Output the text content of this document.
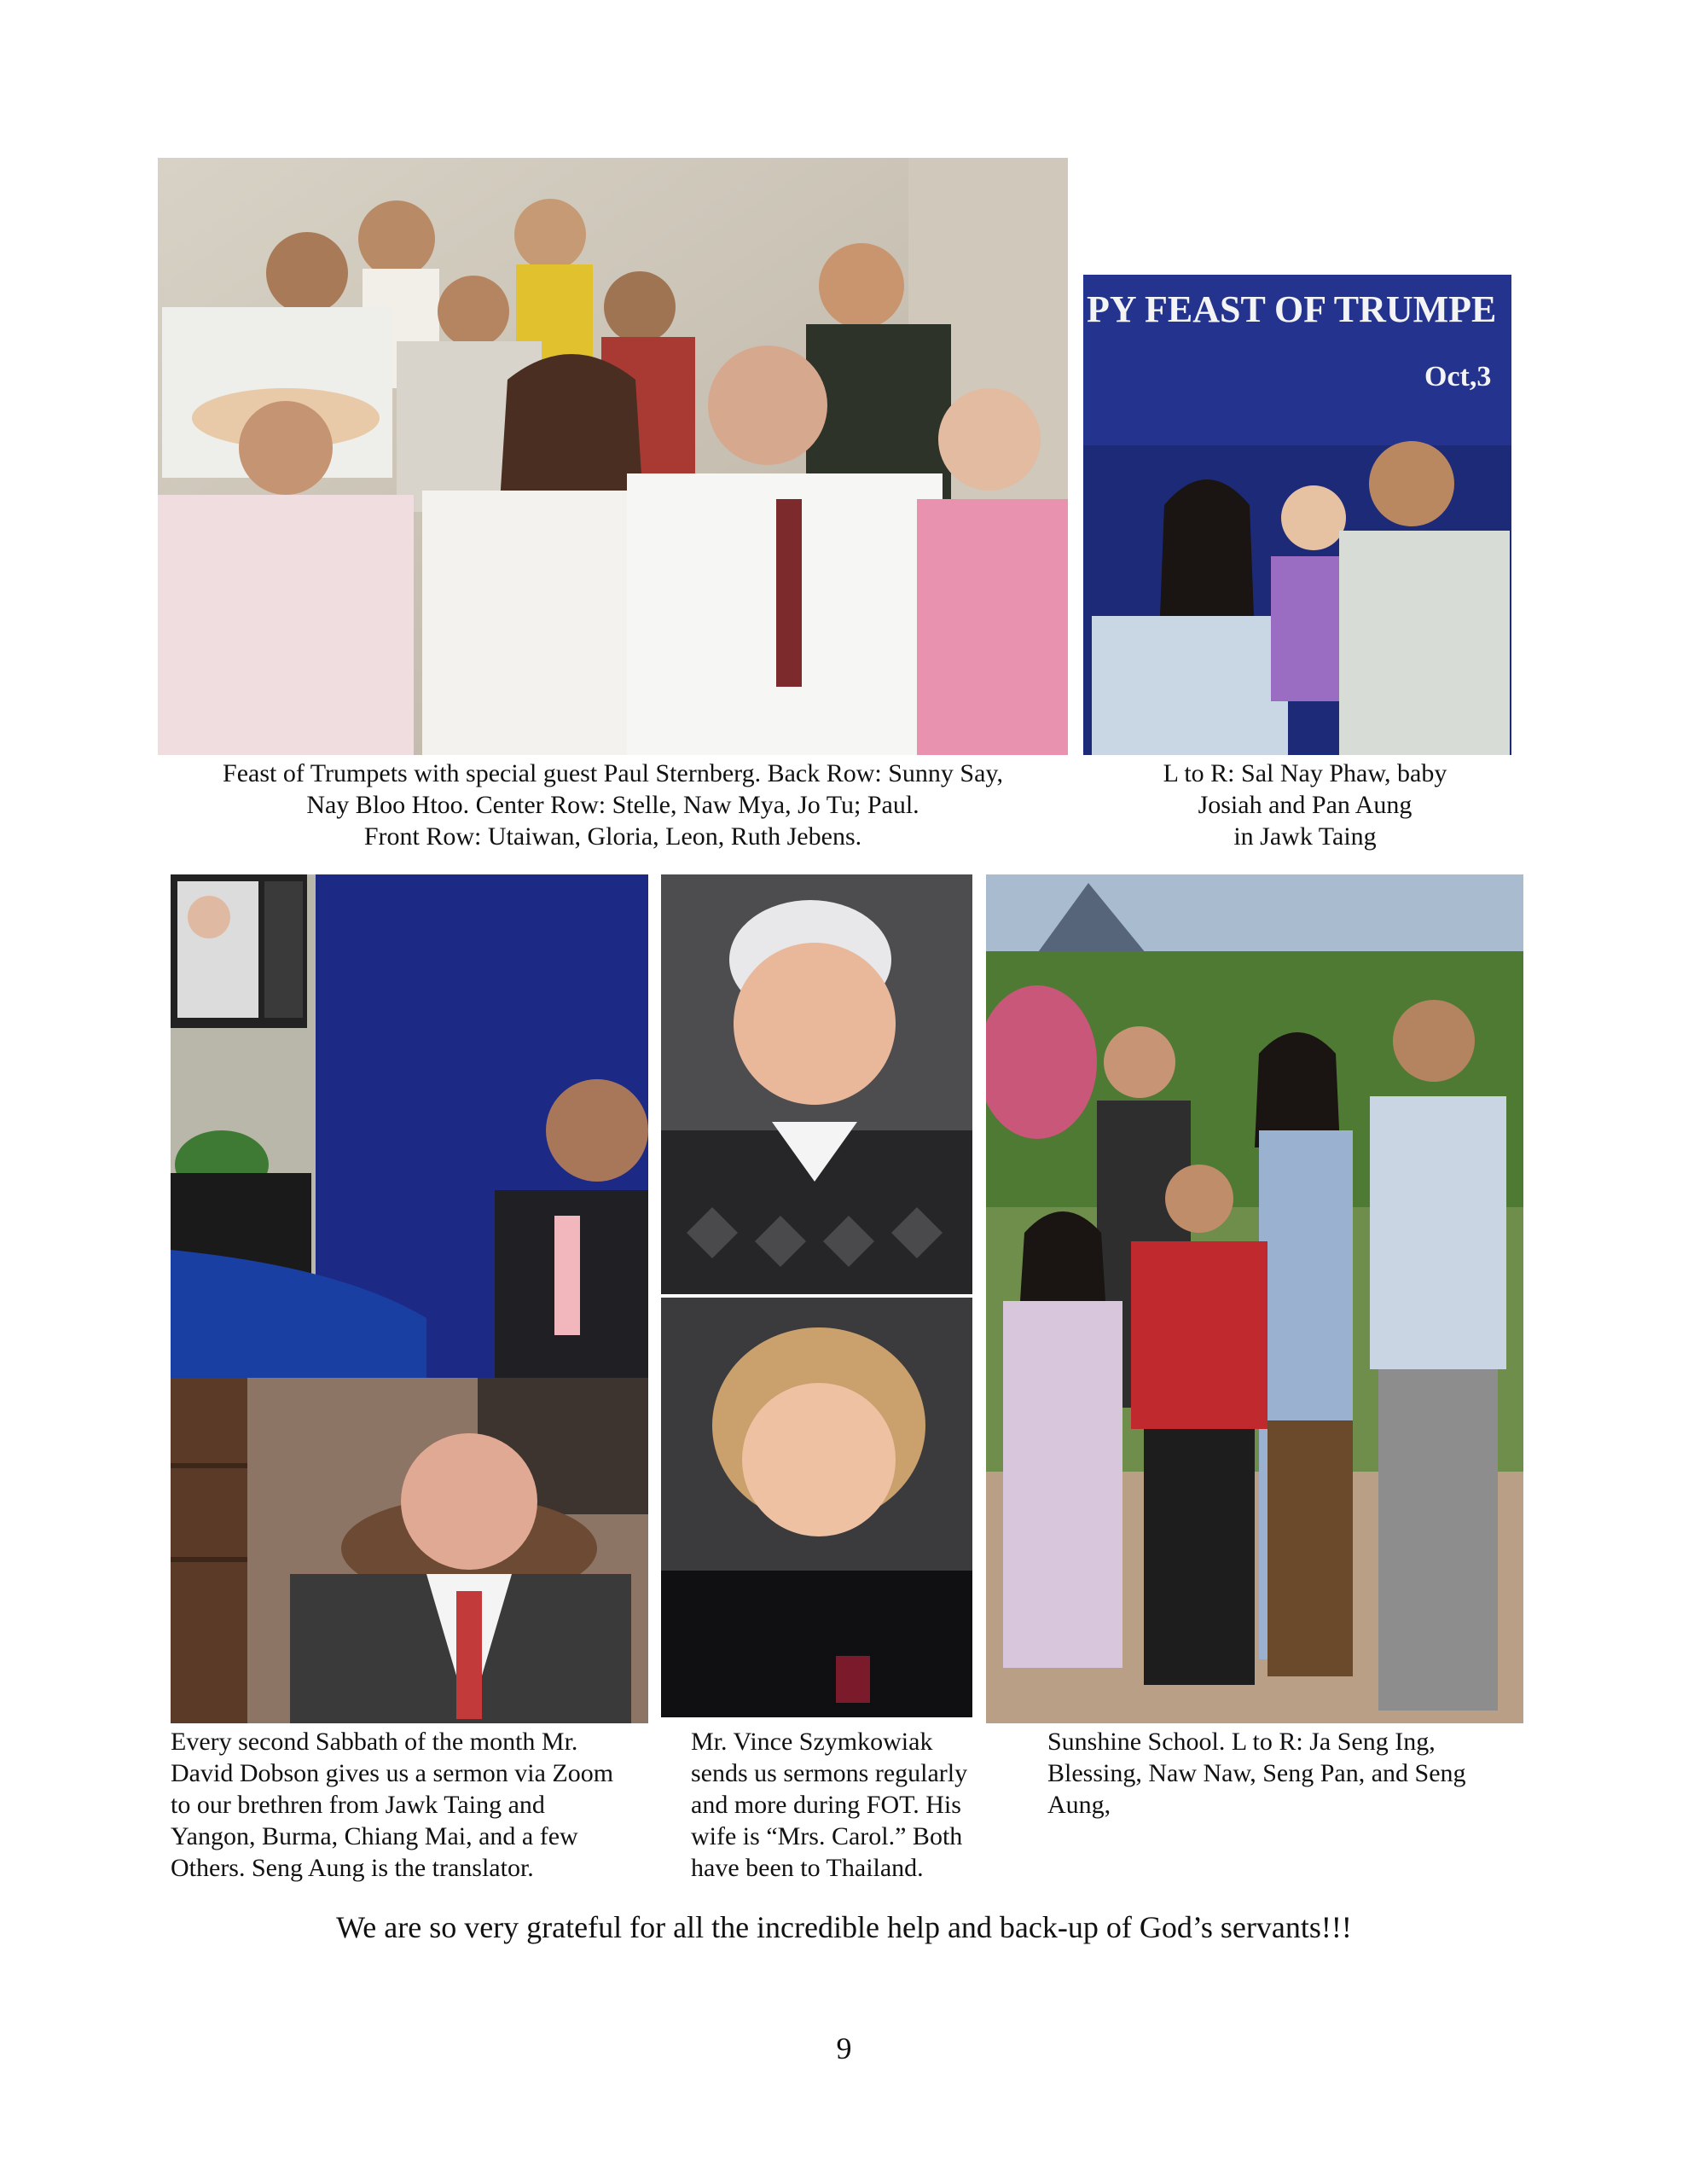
PY FEAST OF TRUMPE
Oct,3
Feast of Trumpets with special guest Paul Sternberg. Back Row: Sunny Say,
Nay Bloo Htoo. Center Row: Stelle, Naw Mya, Jo Tu; Paul.
Front Row: Utaiwan, Gloria, Leon, Ruth Jebens.
L to R: Sal Nay Phaw, baby
Josiah and Pan Aung
in Jawk Taing
Every second Sabbath of the month Mr.
David Dobson gives us a sermon via Zoom
to our brethren from Jawk Taing and
Yangon, Burma, Chiang Mai, and a few
Others. Seng Aung is the translator.
Mr. Vince Szymkowiak
sends us sermons regularly
and more during FOT. His
wife is “Mrs. Carol.” Both
have been to Thailand.
Sunshine School. L to R: Ja Seng Ing,
Blessing, Naw Naw, Seng Pan, and Seng
Aung,
We are so very grateful for all the incredible help and back-up of God’s servants!!!
9
